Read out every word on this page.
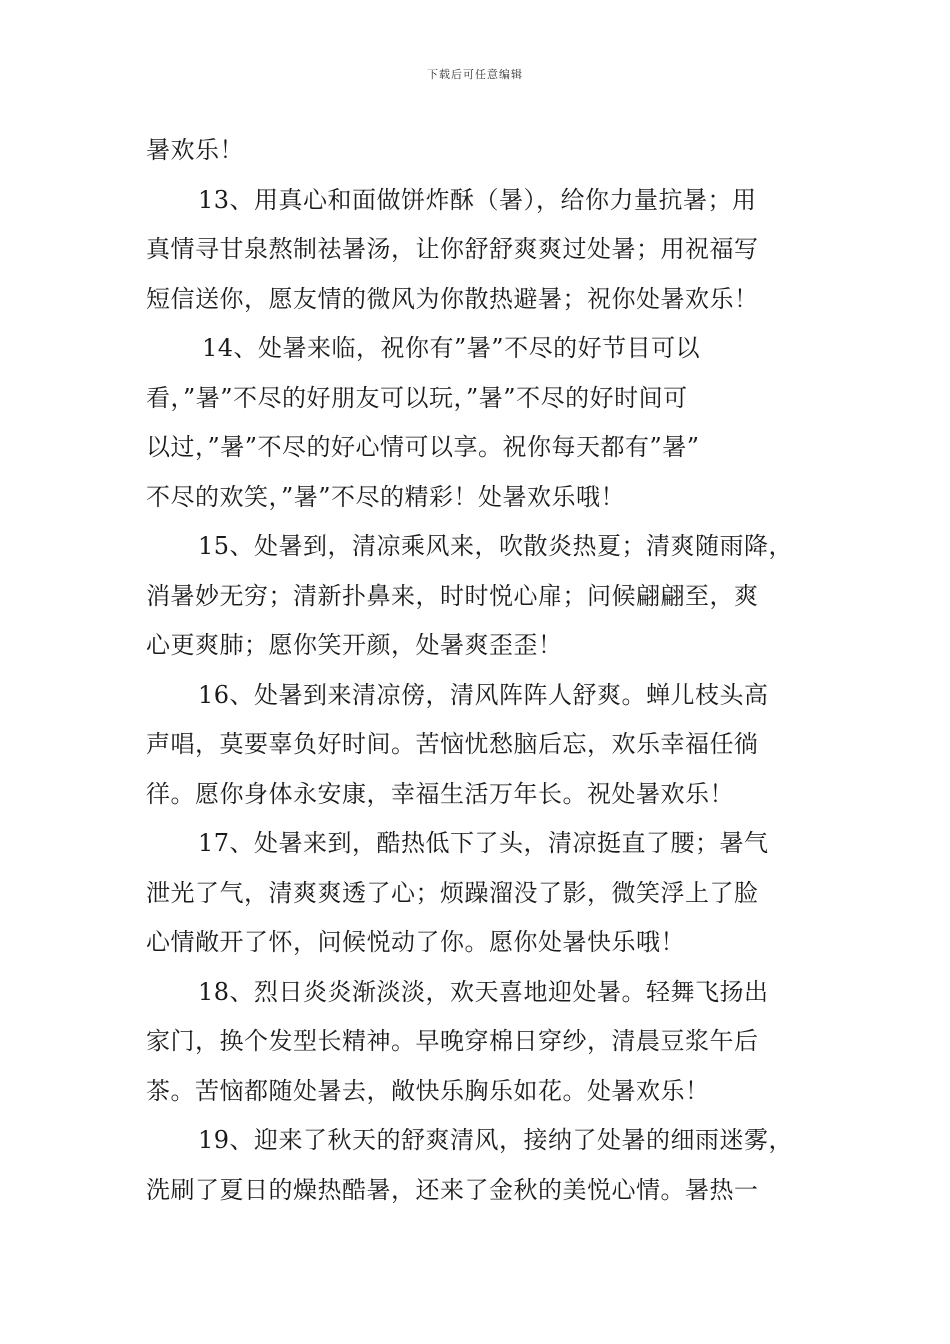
下载后可任意编辑
暑欢乐！
13、用真心和面做饼炸酥（暑），给你力量抗暑；用
真情寻甘泉熬制祛暑汤，让你舒舒爽爽过处暑；用祝福写
短信送你，愿友情的微风为你散热避暑；祝你处暑欢乐！
14、处暑来临，祝你有”暑”不尽的好节目可以
看，”暑”不尽的好朋友可以玩，”暑”不尽的好时间可
以过，”暑”不尽的好心情可以享。祝你每天都有”暑”
不尽的欢笑，”暑”不尽的精彩！处暑欢乐哦！
15、处暑到，清凉乘风来，吹散炎热夏；清爽随雨降，
消暑妙无穷；清新扑鼻来，时时悦心扉；问候翩翩至，爽
心更爽肺；愿你笑开颜，处暑爽歪歪！
16、处暑到来清凉傍，清风阵阵人舒爽。蝉儿枝头高
声唱，莫要辜负好时间。苦恼忧愁脑后忘，欢乐幸福任徜
徉。愿你身体永安康，幸福生活万年长。祝处暑欢乐！
17、处暑来到，酷热低下了头，清凉挺直了腰；暑气
泄光了气，清爽爽透了心；烦躁溜没了影，微笑浮上了脸
心情敞开了怀，问候悦动了你。愿你处暑快乐哦！
18、烈日炎炎渐淡淡，欢天喜地迎处暑。轻舞飞扬出
家门，换个发型长精神。早晚穿棉日穿纱，清晨豆浆午后
茶。苦恼都随处暑去，敞快乐胸乐如花。处暑欢乐！
19、迎来了秋天的舒爽清风，接纳了处暑的细雨迷雾，
洗刷了夏日的燥热酷暑，还来了金秋的美悦心情。暑热一
